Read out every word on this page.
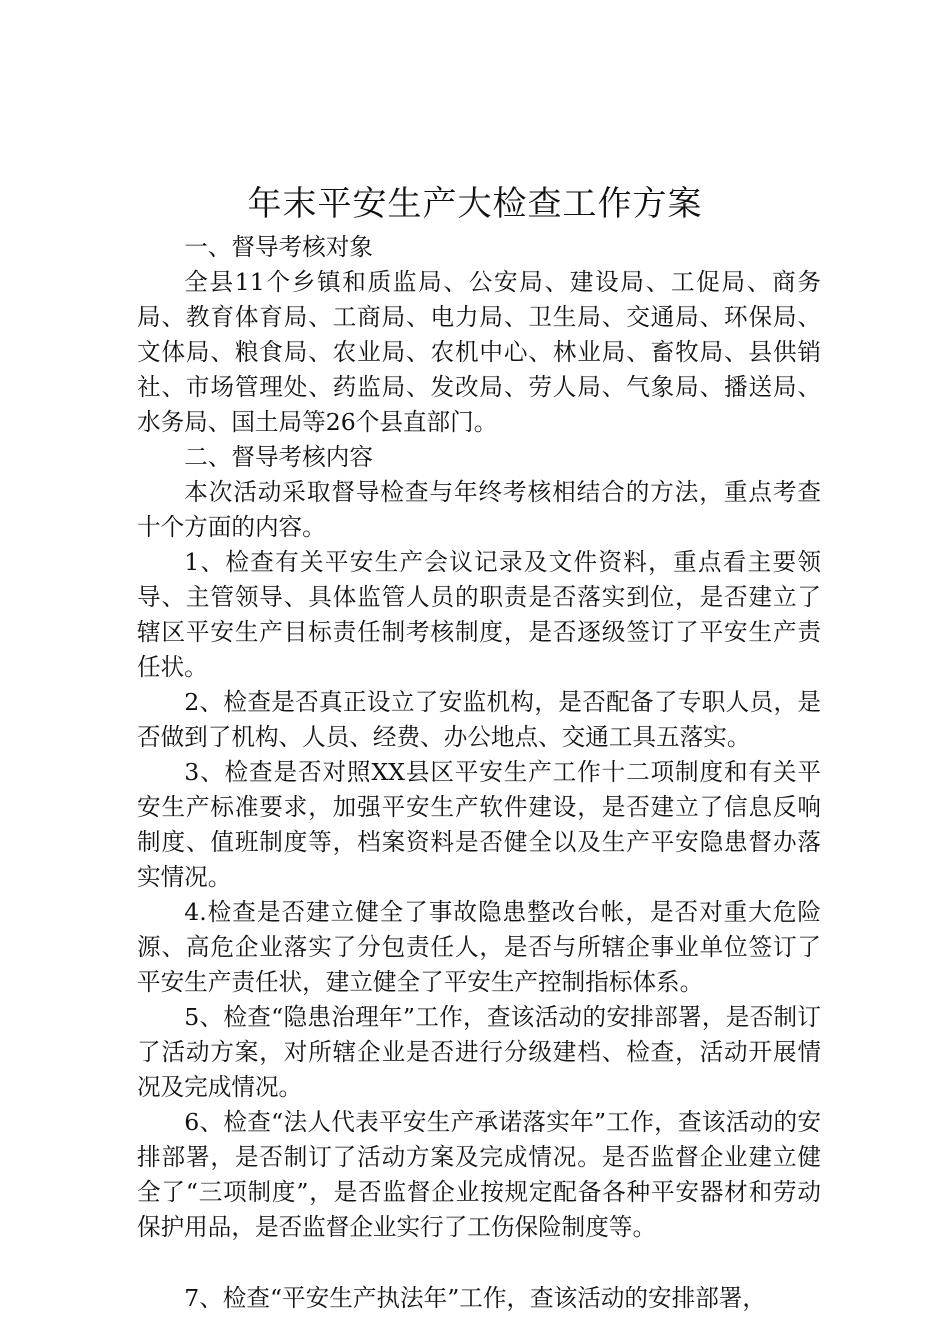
年末平安生产大检查工作方案

一、督导考核对象

全县11个乡镇和质监局、公安局、建设局、工促局、商务局、教育体育局、工商局、电力局、卫生局、交通局、环保局、文体局、粮食局、农业局、农机中心、林业局、畜牧局、县供销社、市场管理处、药监局、发改局、劳人局、气象局、播送局、水务局、国土局等26个县直部门。

二、督导考核内容

本次活动采取督导检查与年终考核相结合的方法，重点考查十个方面的内容。

1、检查有关平安生产会议记录及文件资料，重点看主要领导、主管领导、具体监管人员的职责是否落实到位，是否建立了辖区平安生产目标责任制考核制度，是否逐级签订了平安生产责任状。

2、检查是否真正设立了安监机构，是否配备了专职人员，是否做到了机构、人员、经费、办公地点、交通工具五落实。

3、检查是否对照XX县区平安生产工作十二项制度和有关平安生产标准要求，加强平安生产软件建设，是否建立了信息反响制度、值班制度等，档案资料是否健全以及生产平安隐患督办落实情况。

4.检查是否建立健全了事故隐患整改台帐，是否对重大危险源、高危企业落实了分包责任人，是否与所辖企事业单位签订了平安生产责任状，建立健全了平安生产控制指标体系。

5、检查“隐患治理年”工作，查该活动的安排部署，是否制订了活动方案，对所辖企业是否进行分级建档、检查，活动开展情况及完成情况。

6、检查“法人代表平安生产承诺落实年”工作，查该活动的安排部署，是否制订了活动方案及完成情况。是否监督企业建立健全了“三项制度”，是否监督企业按规定配备各种平安器材和劳动保护用品，是否监督企业实行了工伤保险制度等。

7、检查“平安生产执法年”工作，查该活动的安排部署，
